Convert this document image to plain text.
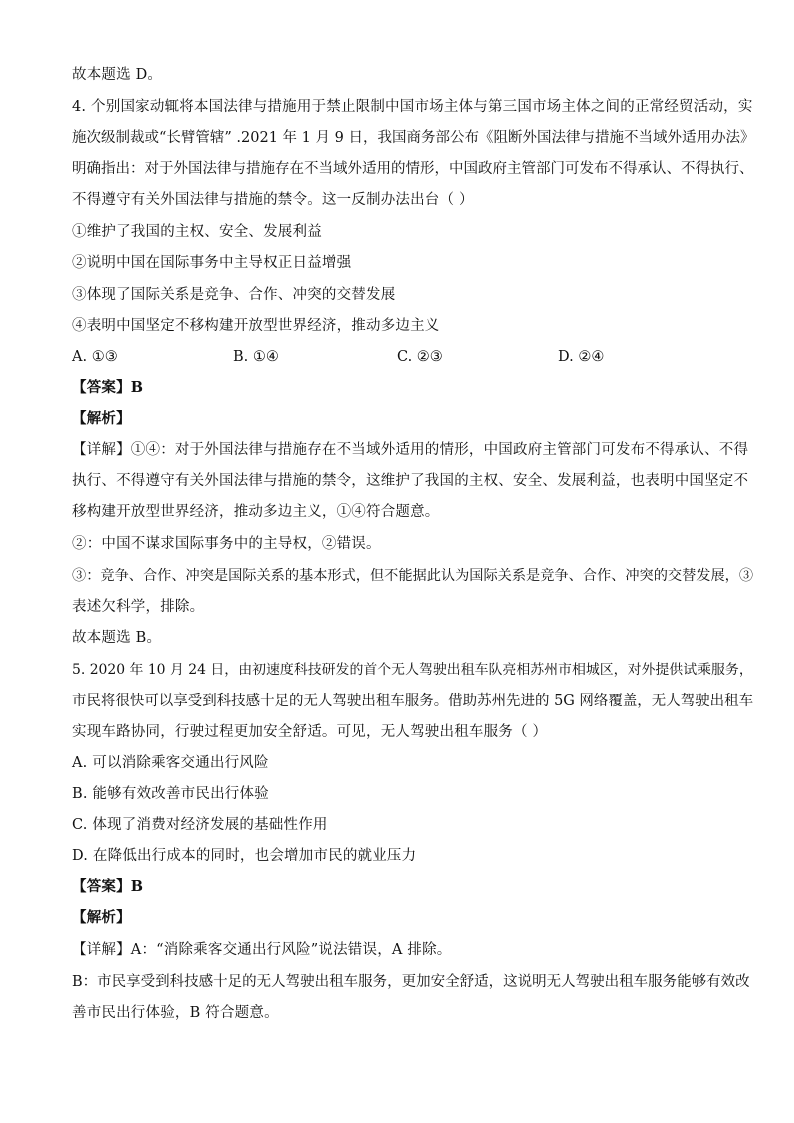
故本题选 D。
4. 个别国家动辄将本国法律与措施用于禁止限制中国市场主体与第三国市场主体之间的正常经贸活动，实
施次级制裁或“长臂管辖” .2021 年 1 月 9 日，我国商务部公布《阻断外国法律与措施不当域外适用办法》
明确指出：对于外国法律与措施存在不当域外适用的情形，中国政府主管部门可发布不得承认、不得执行、
不得遵守有关外国法律与措施的禁令。这一反制办法出台（ ）
①维护了我国的主权、安全、发展利益
②说明中国在国际事务中主导权正日益增强
③体现了国际关系是竞争、合作、冲突的交替发展
④表明中国坚定不移构建开放型世界经济，推动多边主义
A. ①③	B. ①④	C. ②③	D. ②④
【答案】B
【解析】
【详解】①④：对于外国法律与措施存在不当域外适用的情形，中国政府主管部门可发布不得承认、不得
执行、不得遵守有关外国法律与措施的禁令，这维护了我国的主权、安全、发展利益，也表明中国坚定不
移构建开放型世界经济，推动多边主义，①④符合题意。
②：中国不谋求国际事务中的主导权，②错误。
③：竞争、合作、冲突是国际关系的基本形式，但不能据此认为国际关系是竞争、合作、冲突的交替发展，③
表述欠科学，排除。
故本题选 B。
5. 2020 年 10 月 24 日，由初速度科技研发的首个无人驾驶出租车队亮相苏州市相城区，对外提供试乘服务，
市民将很快可以享受到科技感十足的无人驾驶出租车服务。借助苏州先进的 5G 网络覆盖，无人驾驶出租车
实现车路协同，行驶过程更加安全舒适。可见，无人驾驶出租车服务（ ）
A. 可以消除乘客交通出行风险
B. 能够有效改善市民出行体验
C. 体现了消费对经济发展的基础性作用
D. 在降低出行成本的同时，也会增加市民的就业压力
【答案】B
【解析】
【详解】A：“消除乘客交通出行风险”说法错误，A 排除。
B：市民享受到科技感十足的无人驾驶出租车服务，更加安全舒适，这说明无人驾驶出租车服务能够有效改
善市民出行体验，B 符合题意。
